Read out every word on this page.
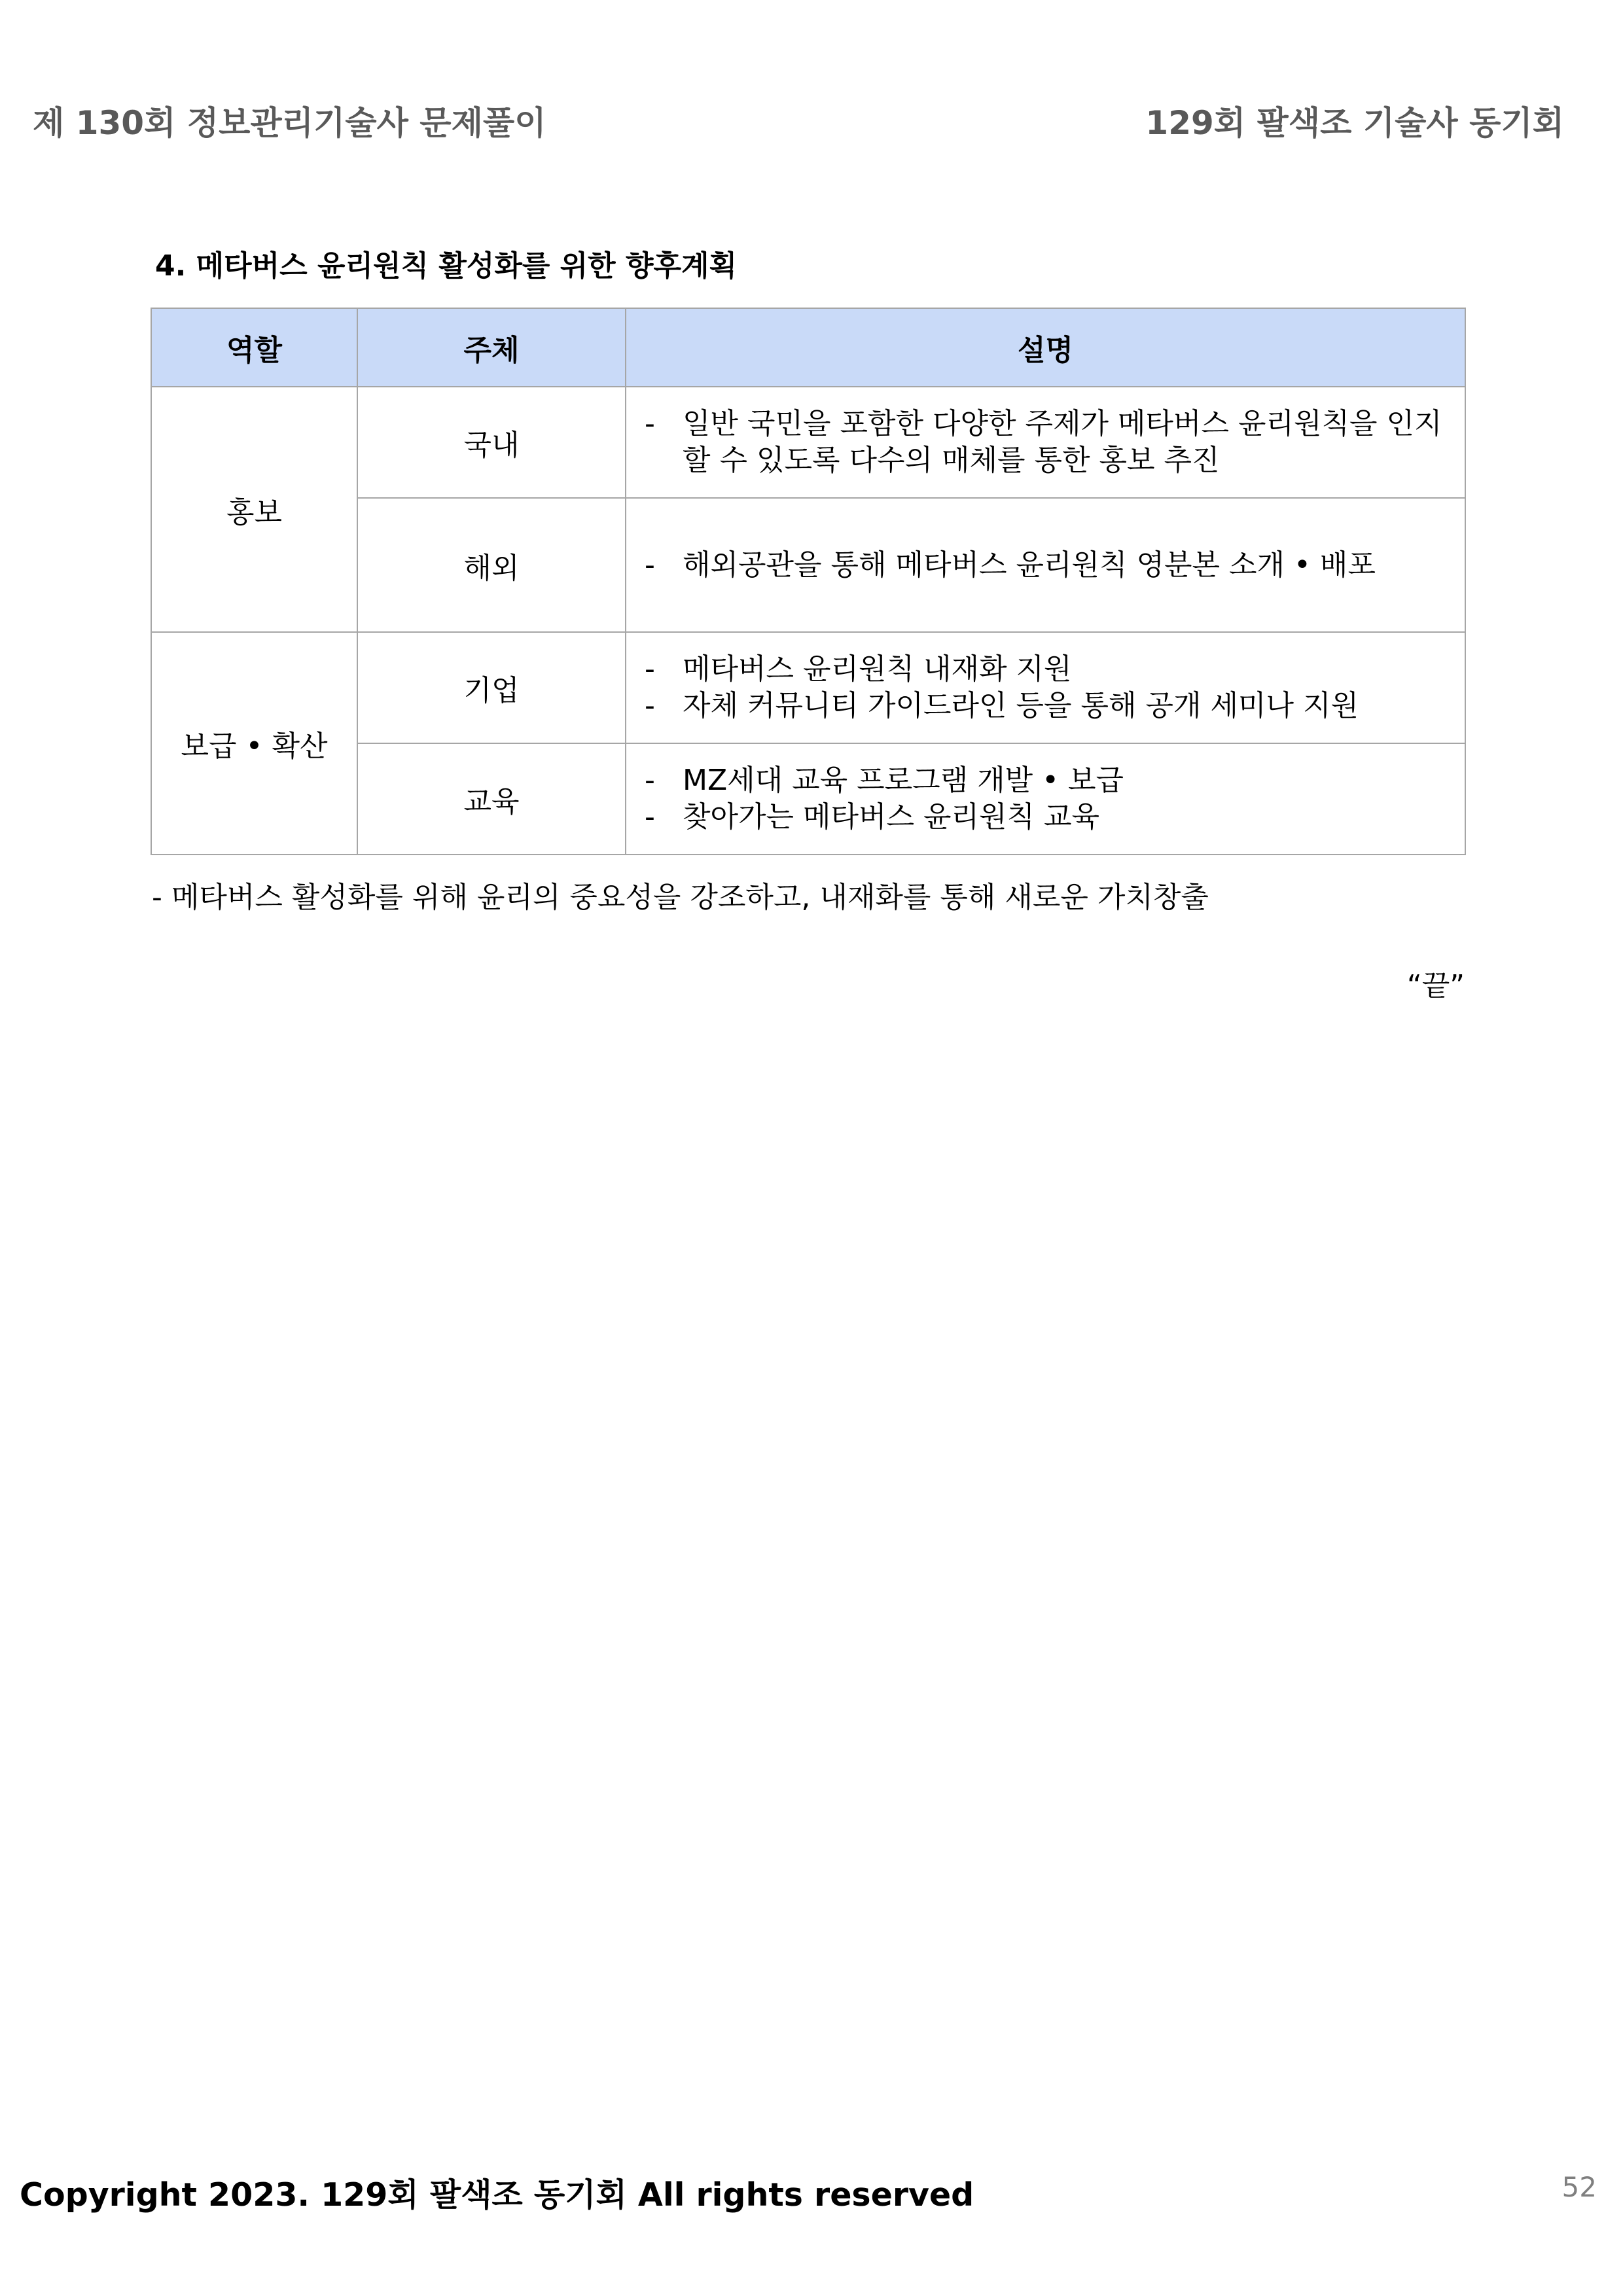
제 130회 정보관리기술사 문제풀이	129회 팔색조 기술사 동기회
4. 메타버스 윤리원칙 활성화를 위한 향후계획
역할	주체	설명
홍보	국내	- 일반 국민을 포함한 다양한 주제가 메타버스 윤리원칙을 인지할 수 있도록 다수의 매체를 통한 홍보 추진

	해외	- 해외공관을 통해 메타버스 윤리원칙 영분본 소개 • 배포

보급 • 확산	기업	- 메타버스 윤리원칙 내재화 지원
- 자체 커뮤니티 가이드라인 등을 통해 공개 세미나 지원

	교육	- MZ세대 교육 프로그램 개발 • 보급
- 찾아가는 메타버스 윤리원칙 교육
- 메타버스 활성화를 위해 윤리의 중요성을 강조하고, 내재화를 통해 새로운 가치창출
“끝”
Copyright 2023. 129회 팔색조 동기회 All rights reserved	52
